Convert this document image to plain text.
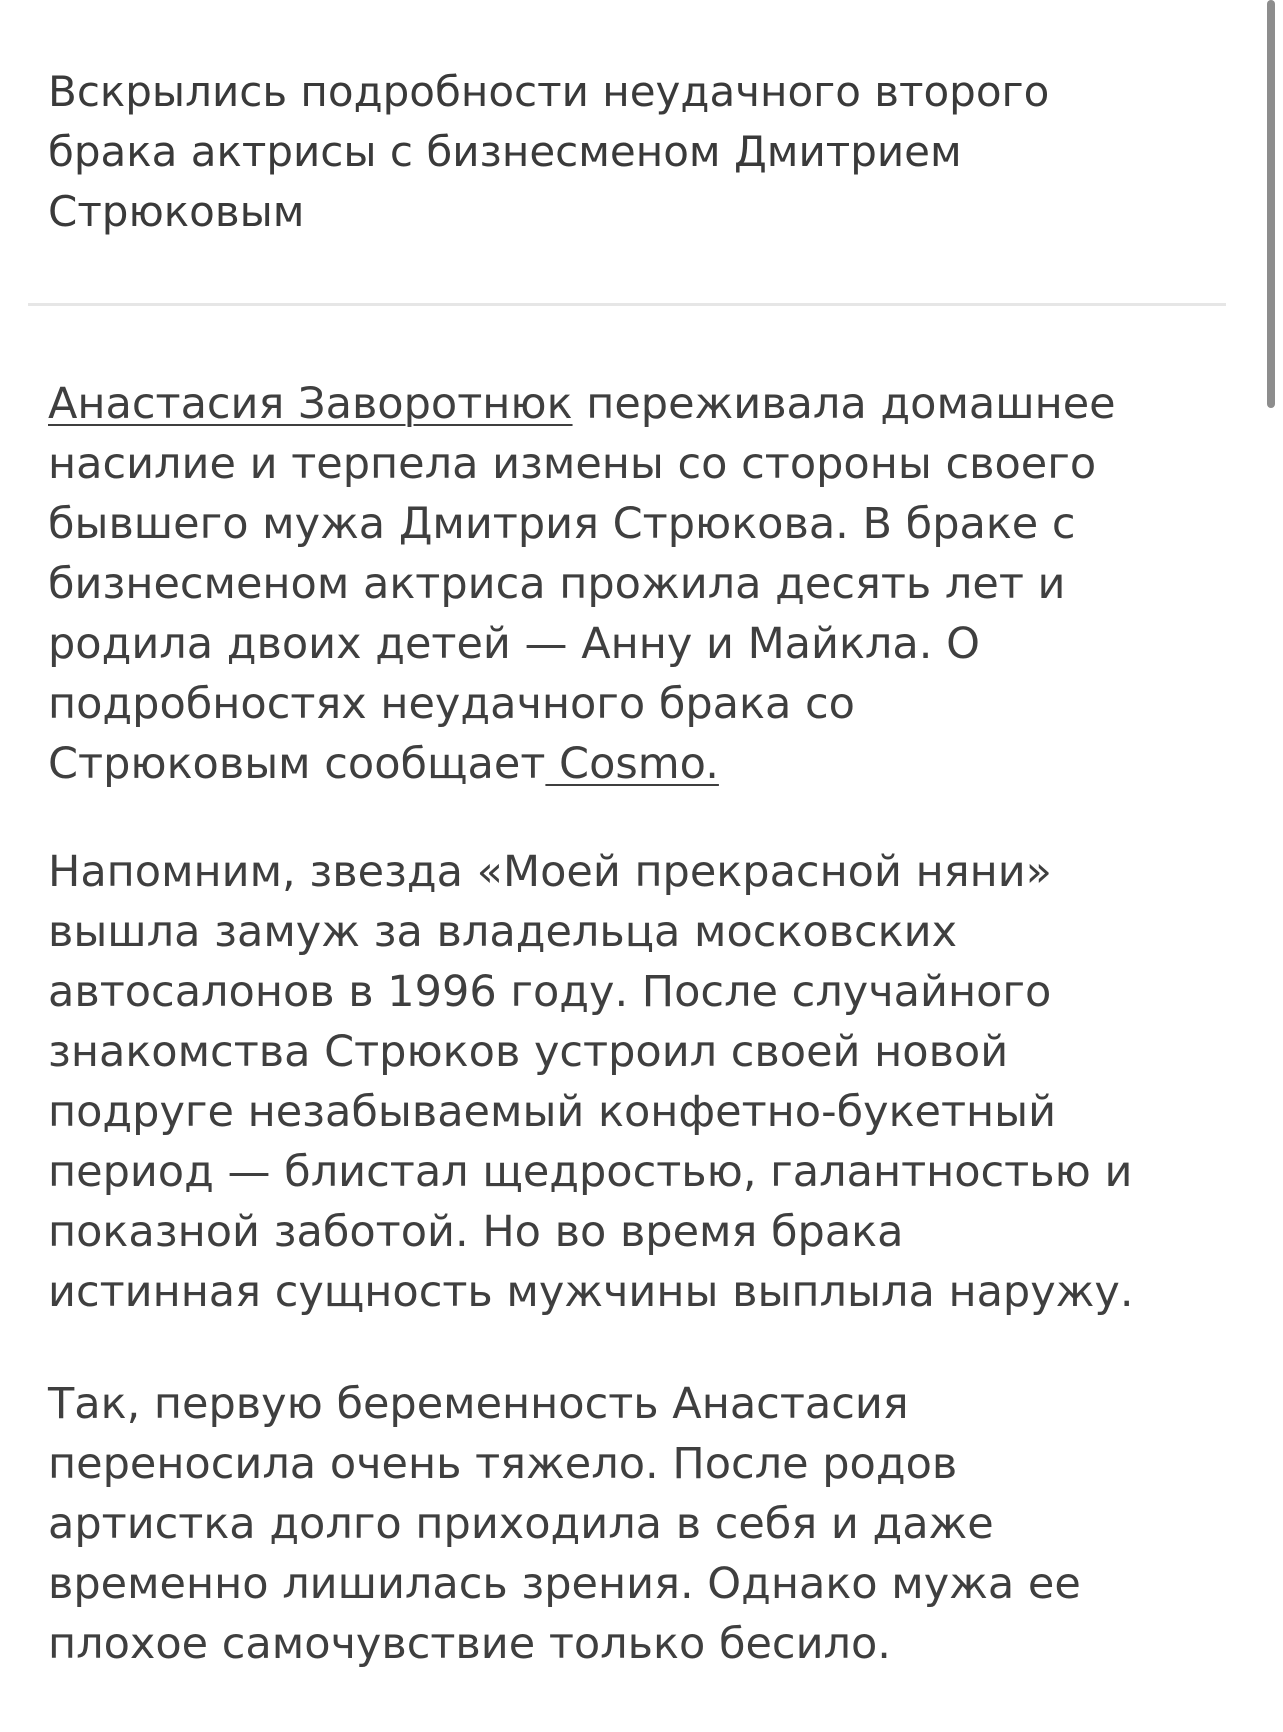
Вскрылись подробности неудачного второго
брака актрисы с бизнесменом Дмитрием
Стрюковым

Анастасия Заворотнюк переживала домашнее
насилие и терпела измены со стороны своего
бывшего мужа Дмитрия Стрюкова. В браке с
бизнесменом актриса прожила десять лет и
родила двоих детей — Анну и Майкла. О
подробностях неудачного брака со
Стрюковым сообщает Cosmo.

Напомним, звезда «Моей прекрасной няни»
вышла замуж за владельца московских
автосалонов в 1996 году. После случайного
знакомства Стрюков устроил своей новой
подруге незабываемый конфетно-букетный
период — блистал щедростью, галантностью и
показной заботой. Но во время брака
истинная сущность мужчины выплыла наружу.

Так, первую беременность Анастасия
переносила очень тяжело. После родов
артистка долго приходила в себя и даже
временно лишилась зрения. Однако мужа ее
плохое самочувствие только бесило.
